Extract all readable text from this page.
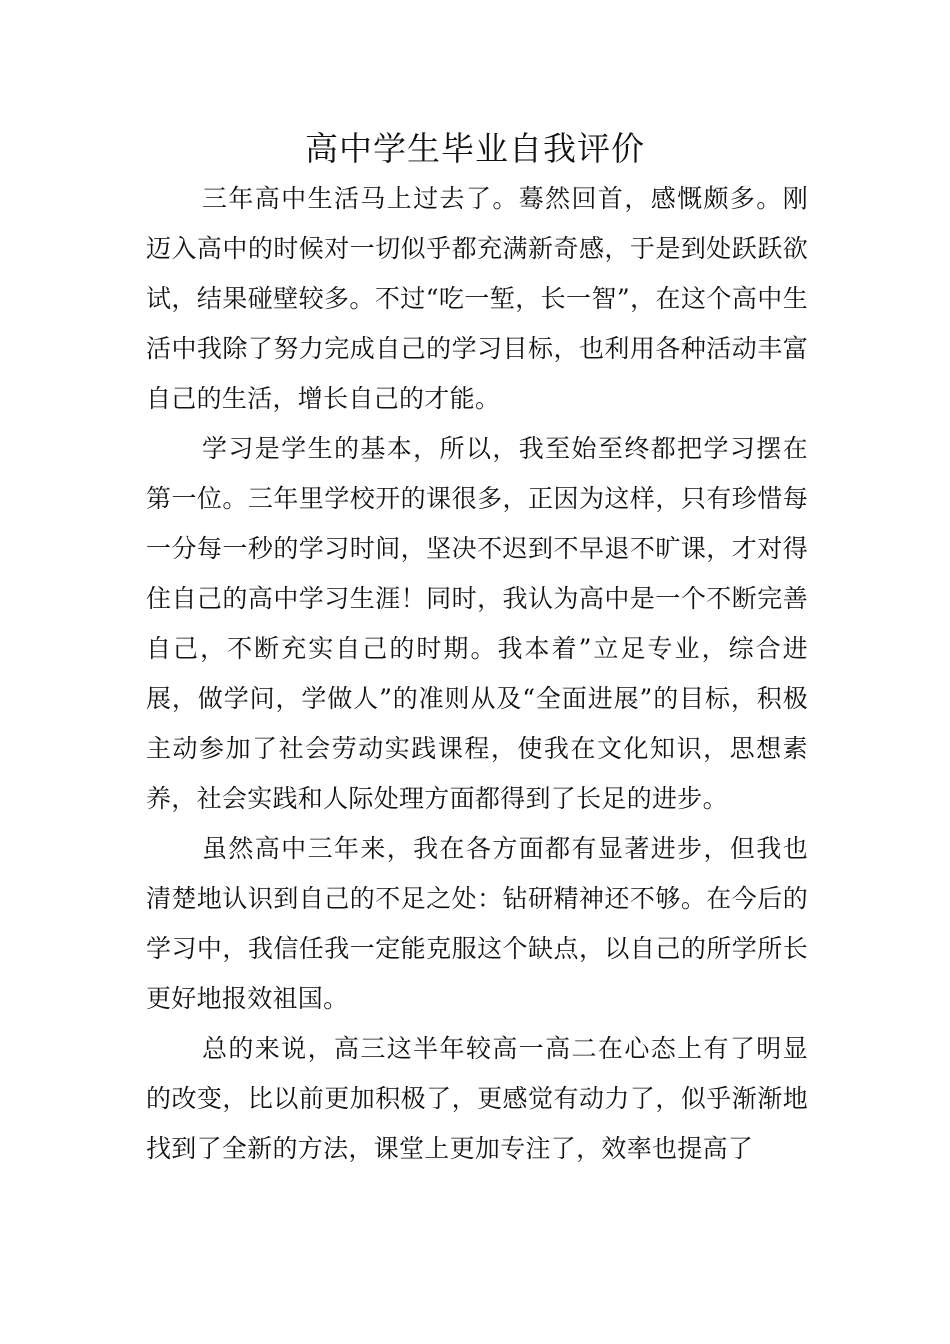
高中学生毕业自我评价

三年高中生活马上过去了。蓦然回首，感慨颇多。刚迈入高中的时候对一切似乎都充满新奇感，于是到处跃跃欲试，结果碰壁较多。不过“吃一堑，长一智”，在这个高中生活中我除了努力完成自己的学习目标，也利用各种活动丰富自己的生活，增长自己的才能。

学习是学生的基本，所以，我至始至终都把学习摆在第一位。三年里学校开的课很多，正因为这样，只有珍惜每一分每一秒的学习时间，坚决不迟到不早退不旷课，才对得住自己的高中学习生涯！同时，我认为高中是一个不断完善自己，不断充实自己的时期。我本着”立足专业，综合进展，做学问，学做人”的准则从及“全面进展”的目标，积极主动参加了社会劳动实践课程，使我在文化知识，思想素养，社会实践和人际处理方面都得到了长足的进步。

虽然高中三年来，我在各方面都有显著进步，但我也清楚地认识到自己的不足之处：钻研精神还不够。在今后的学习中，我信任我一定能克服这个缺点，以自己的所学所长更好地报效祖国。

总的来说，高三这半年较高一高二在心态上有了明显的改变，比以前更加积极了，更感觉有动力了，似乎渐渐地找到了全新的方法，课堂上更加专注了，效率也提高了
